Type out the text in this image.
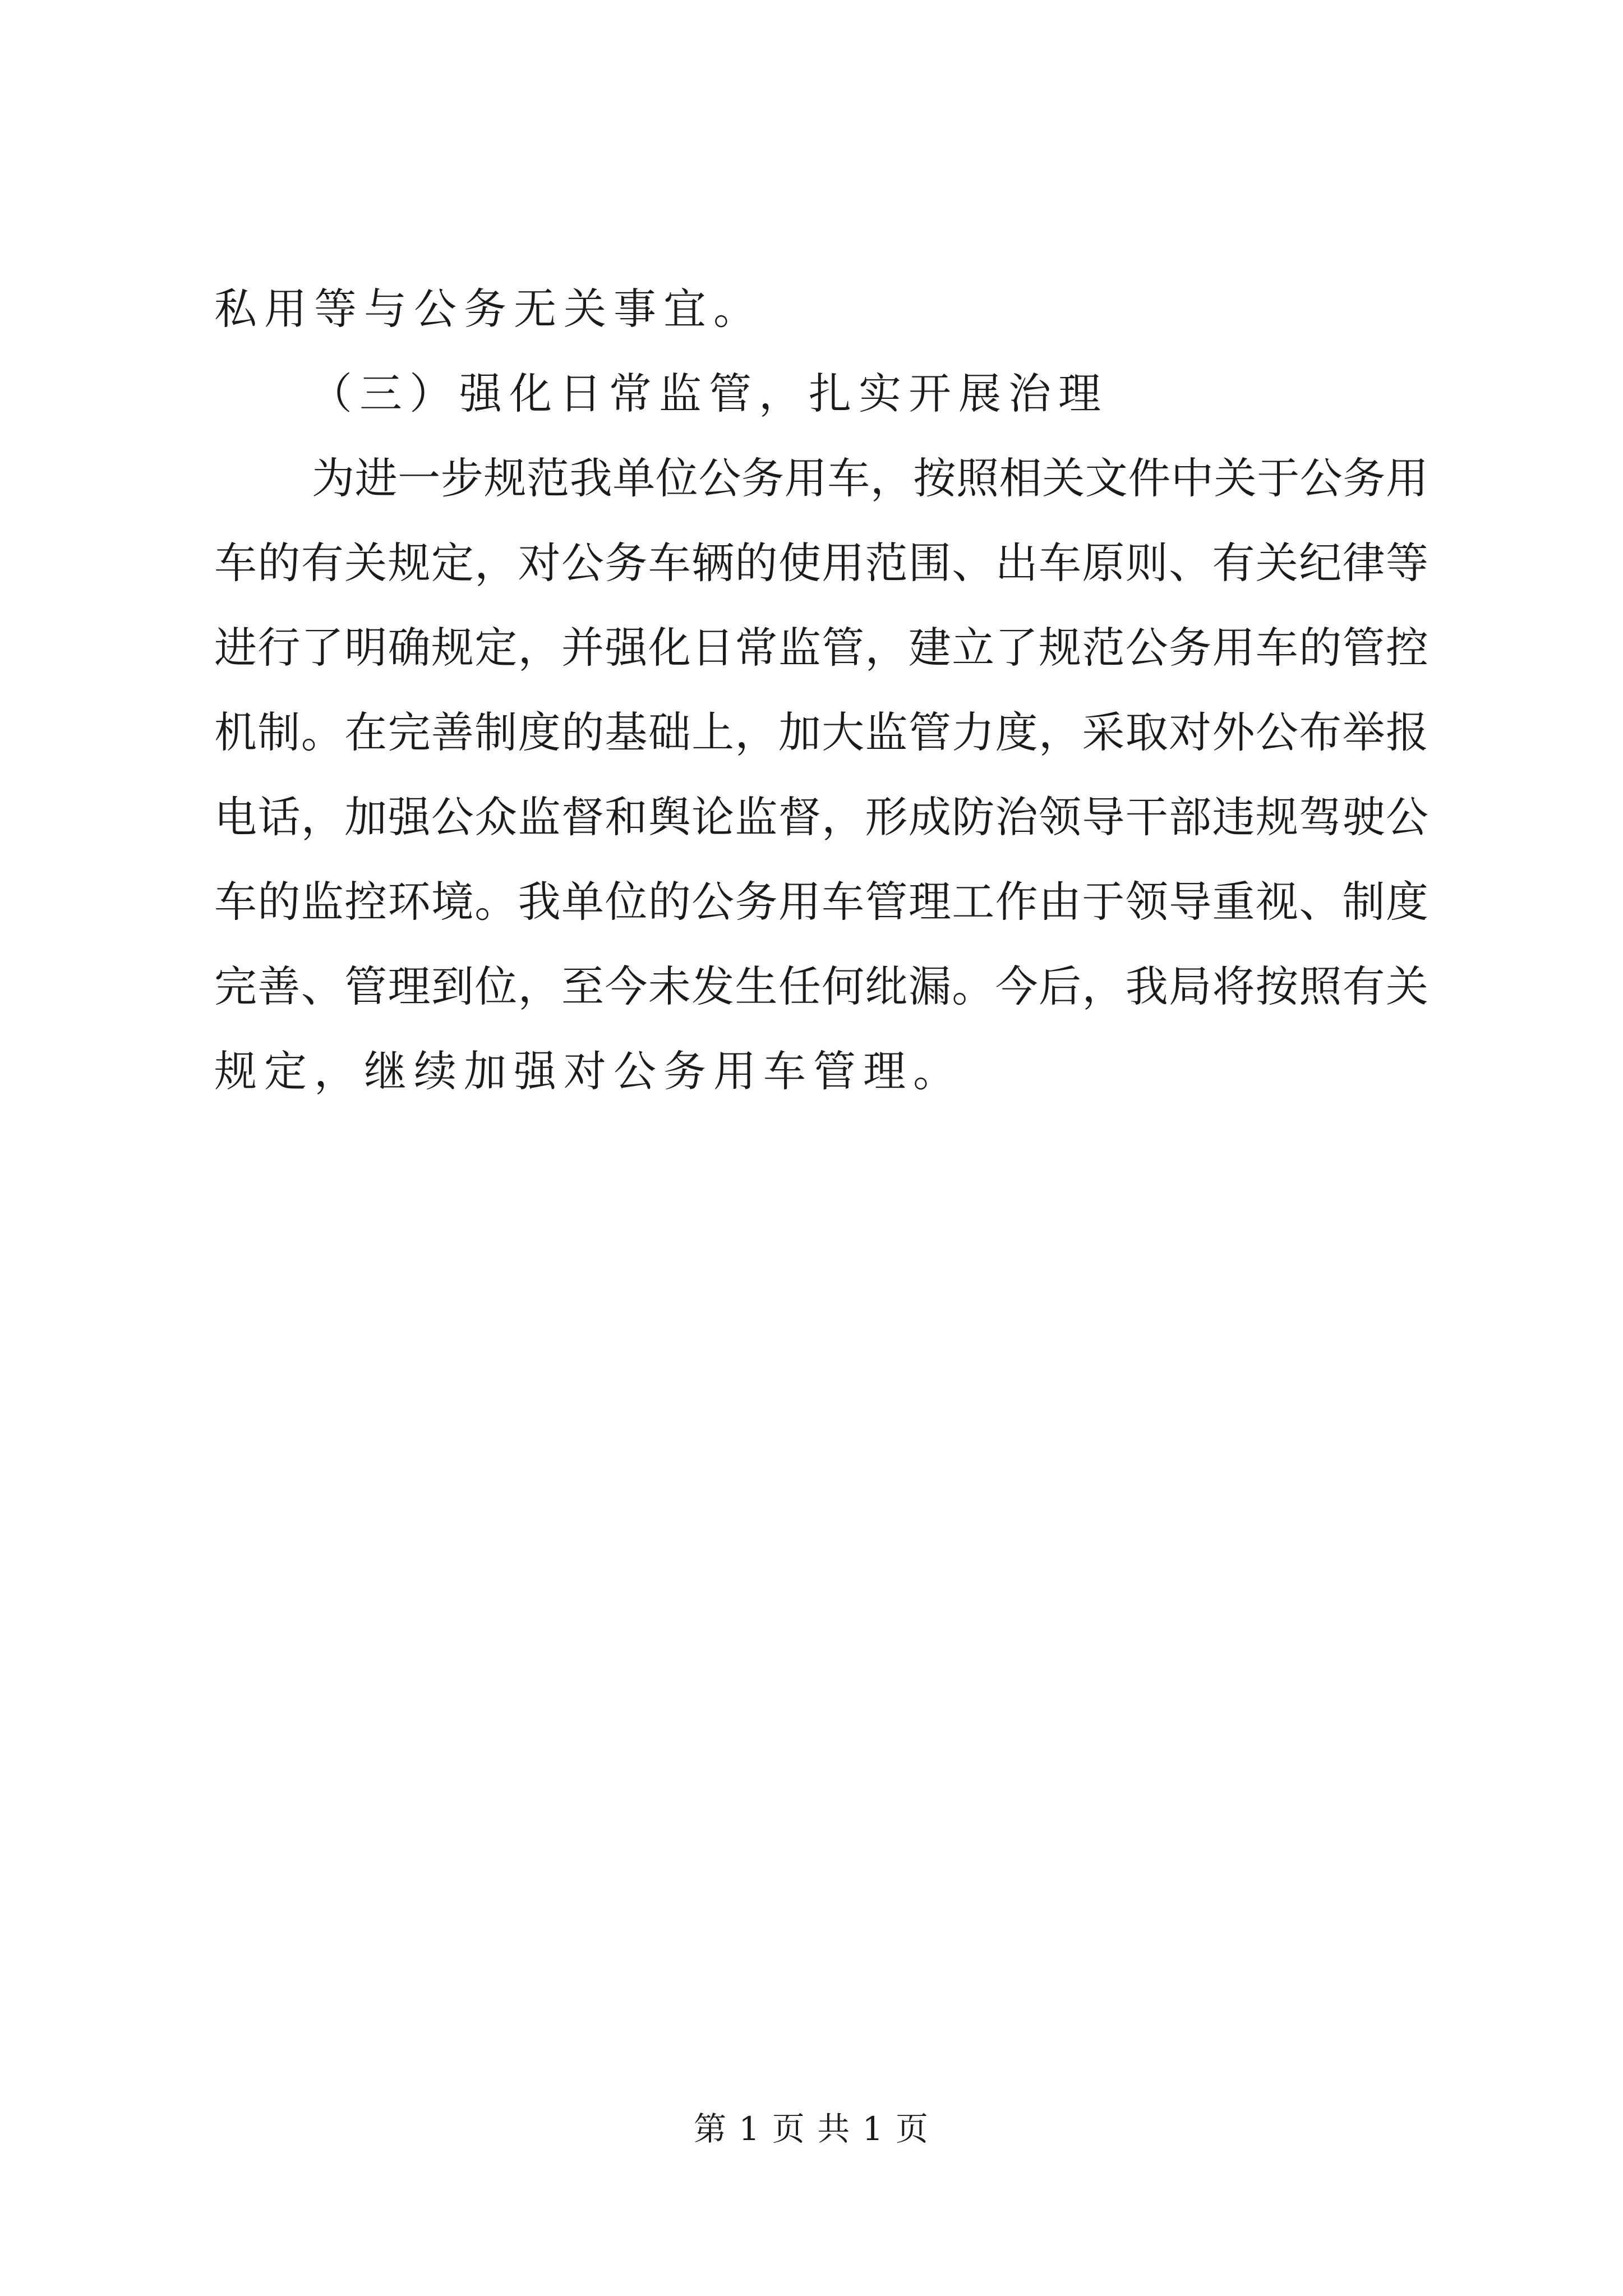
私用等与公务无关事宜。
（三）强化日常监管，扎实开展治理
为进一步规范我单位公务用车，按照相关文件中关于公务用
车的有关规定，对公务车辆的使用范围、出车原则、有关纪律等
进行了明确规定，并强化日常监管，建立了规范公务用车的管控
机制。在完善制度的基础上，加大监管力度，采取对外公布举报
电话，加强公众监督和舆论监督，形成防治领导干部违规驾驶公
车的监控环境。我单位的公务用车管理工作由于领导重视、制度
完善、管理到位，至今未发生任何纰漏。今后，我局将按照有关
规定，继续加强对公务用车管理。
第 1 页 共 1 页
